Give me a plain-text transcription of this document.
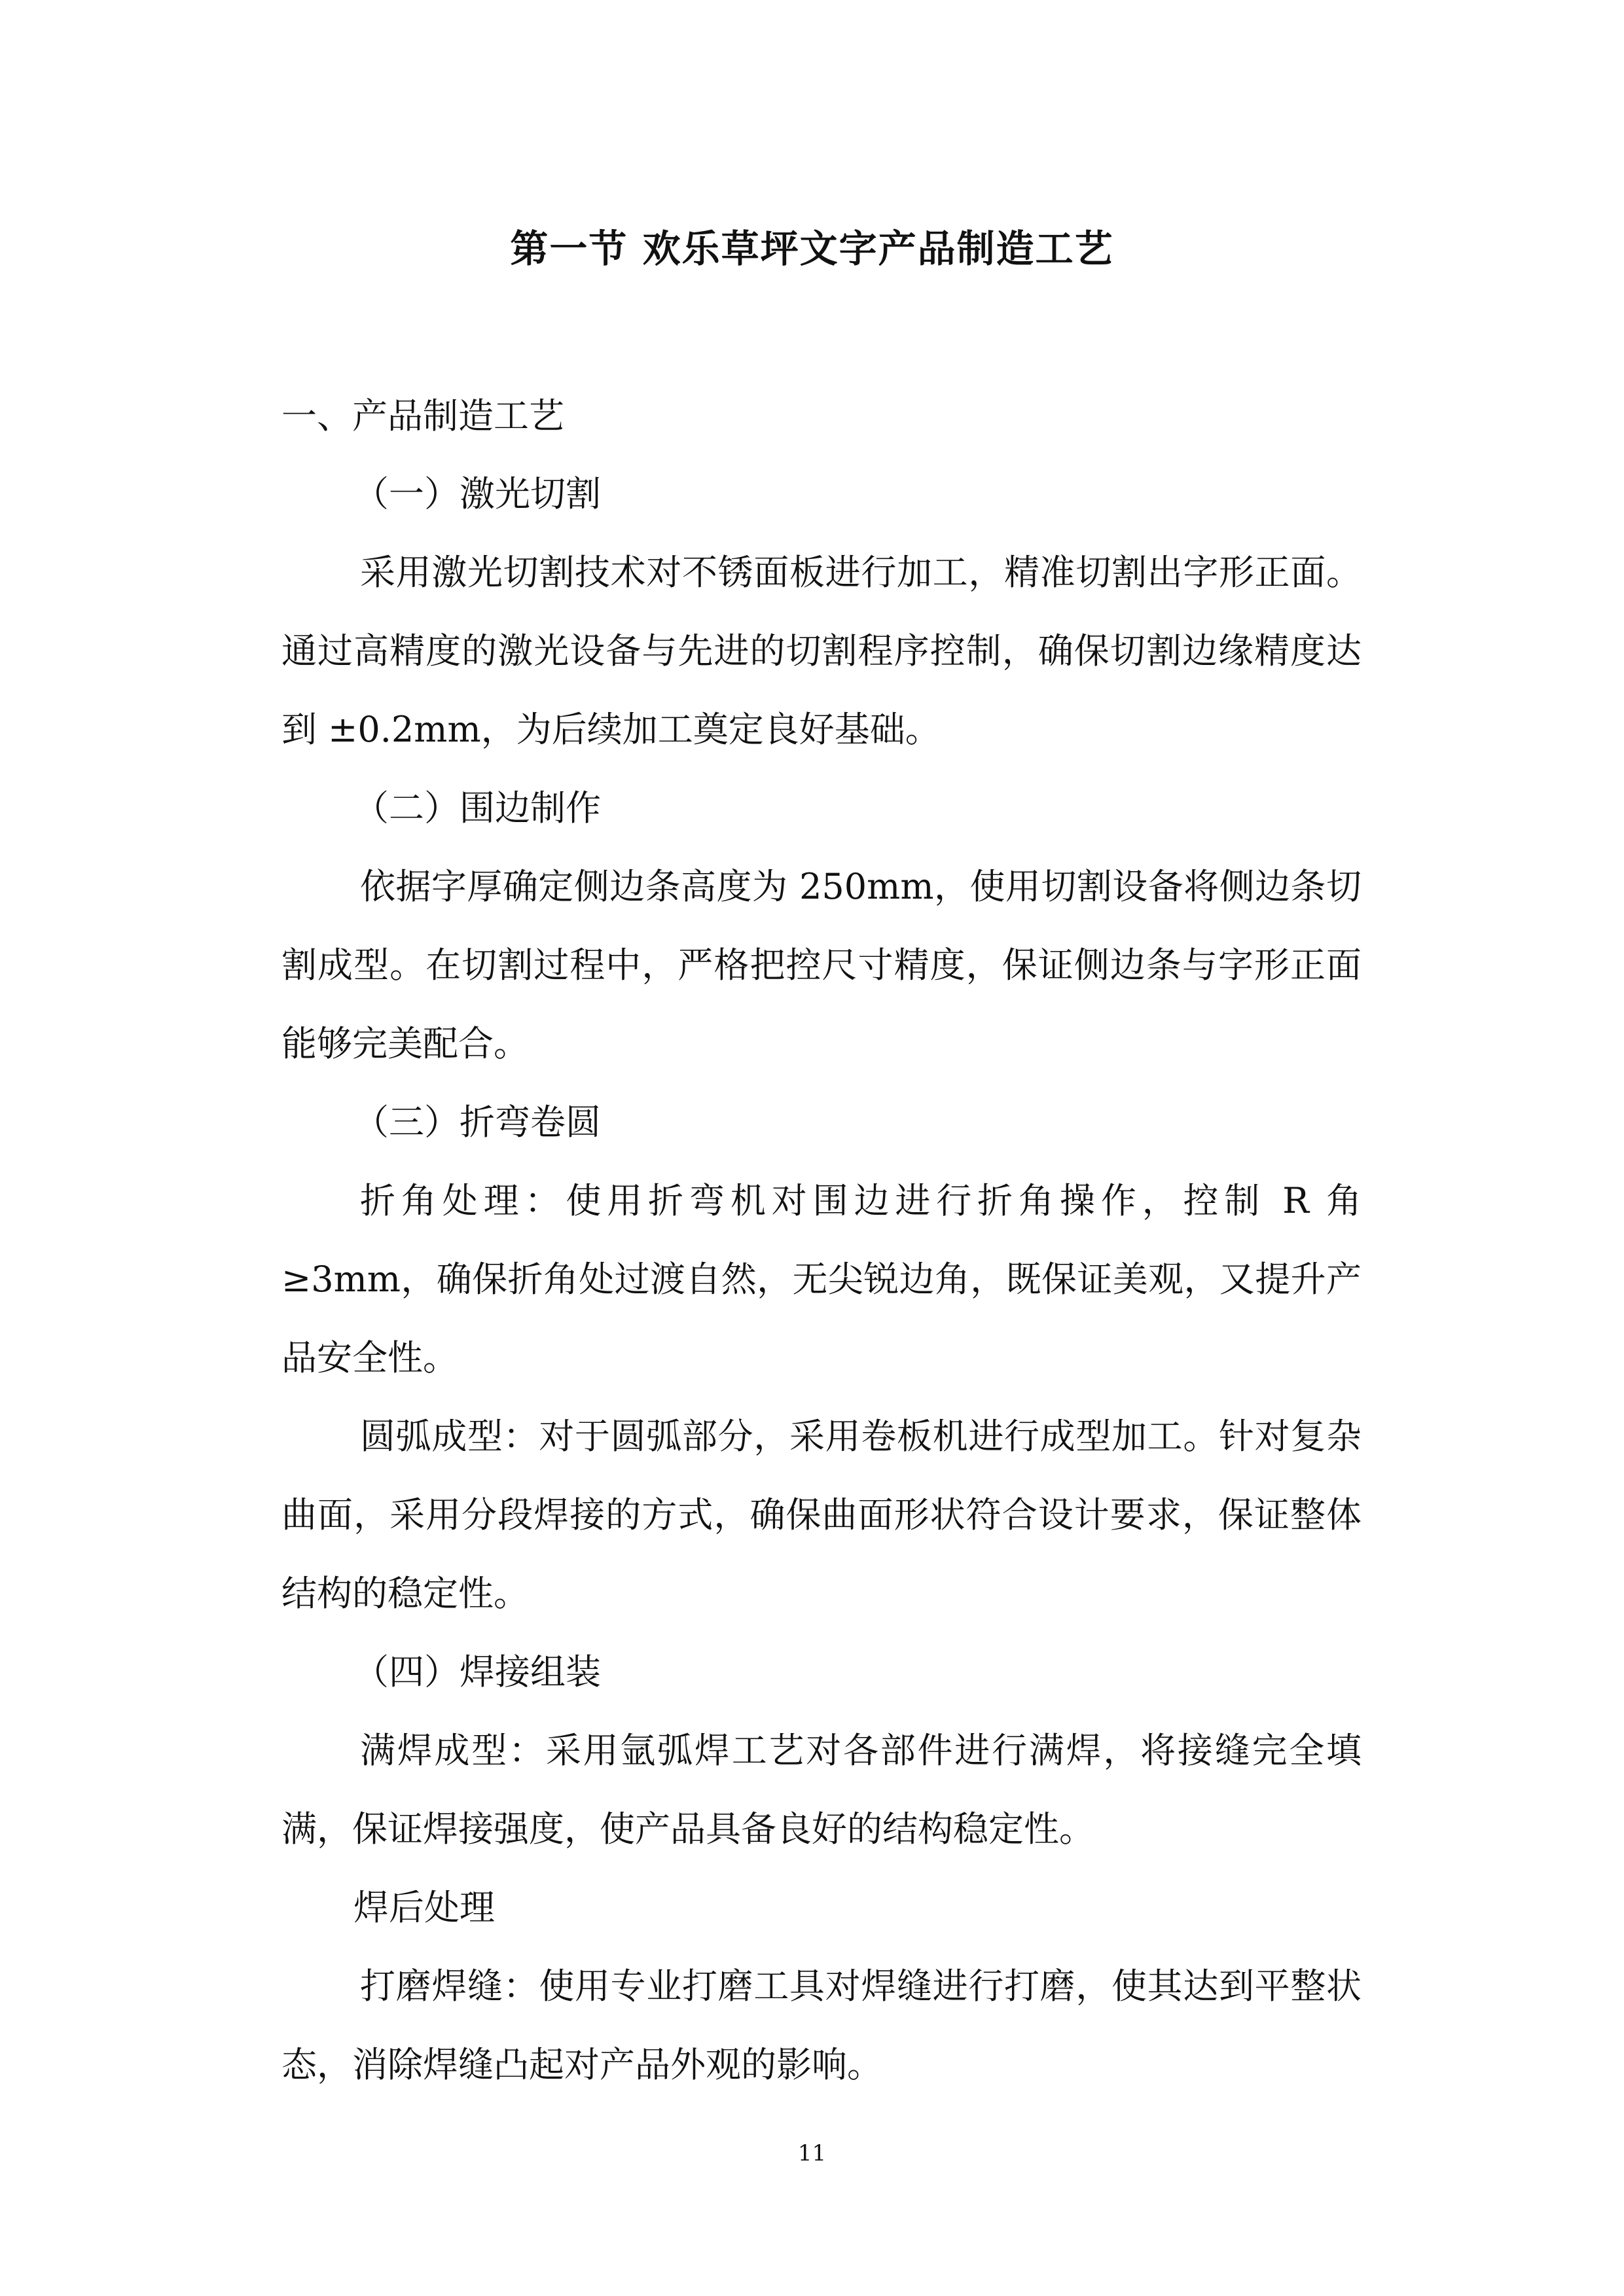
第一节 欢乐草坪文字产品制造工艺
一、产品制造工艺
（一）激光切割
采用激光切割技术对不锈面板进行加工，精准切割出字形正面。通过高精度的激光设备与先进的切割程序控制，确保切割边缘精度达到 ±0.2mm，为后续加工奠定良好基础。
（二）围边制作
依据字厚确定侧边条高度为 250mm，使用切割设备将侧边条切割成型。在切割过程中，严格把控尺寸精度，保证侧边条与字形正面能够完美配合。
（三）折弯卷圆
折角处理：使用折弯机对围边进行折角操作，控制 R 角≥3mm，确保折角处过渡自然，无尖锐边角，既保证美观，又提升产品安全性。
圆弧成型：对于圆弧部分，采用卷板机进行成型加工。针对复杂曲面，采用分段焊接的方式，确保曲面形状符合设计要求，保证整体结构的稳定性。
（四）焊接组装
满焊成型：采用氩弧焊工艺对各部件进行满焊，将接缝完全填满，保证焊接强度，使产品具备良好的结构稳定性。
焊后处理
打磨焊缝：使用专业打磨工具对焊缝进行打磨，使其达到平整状态，消除焊缝凸起对产品外观的影响。
11
